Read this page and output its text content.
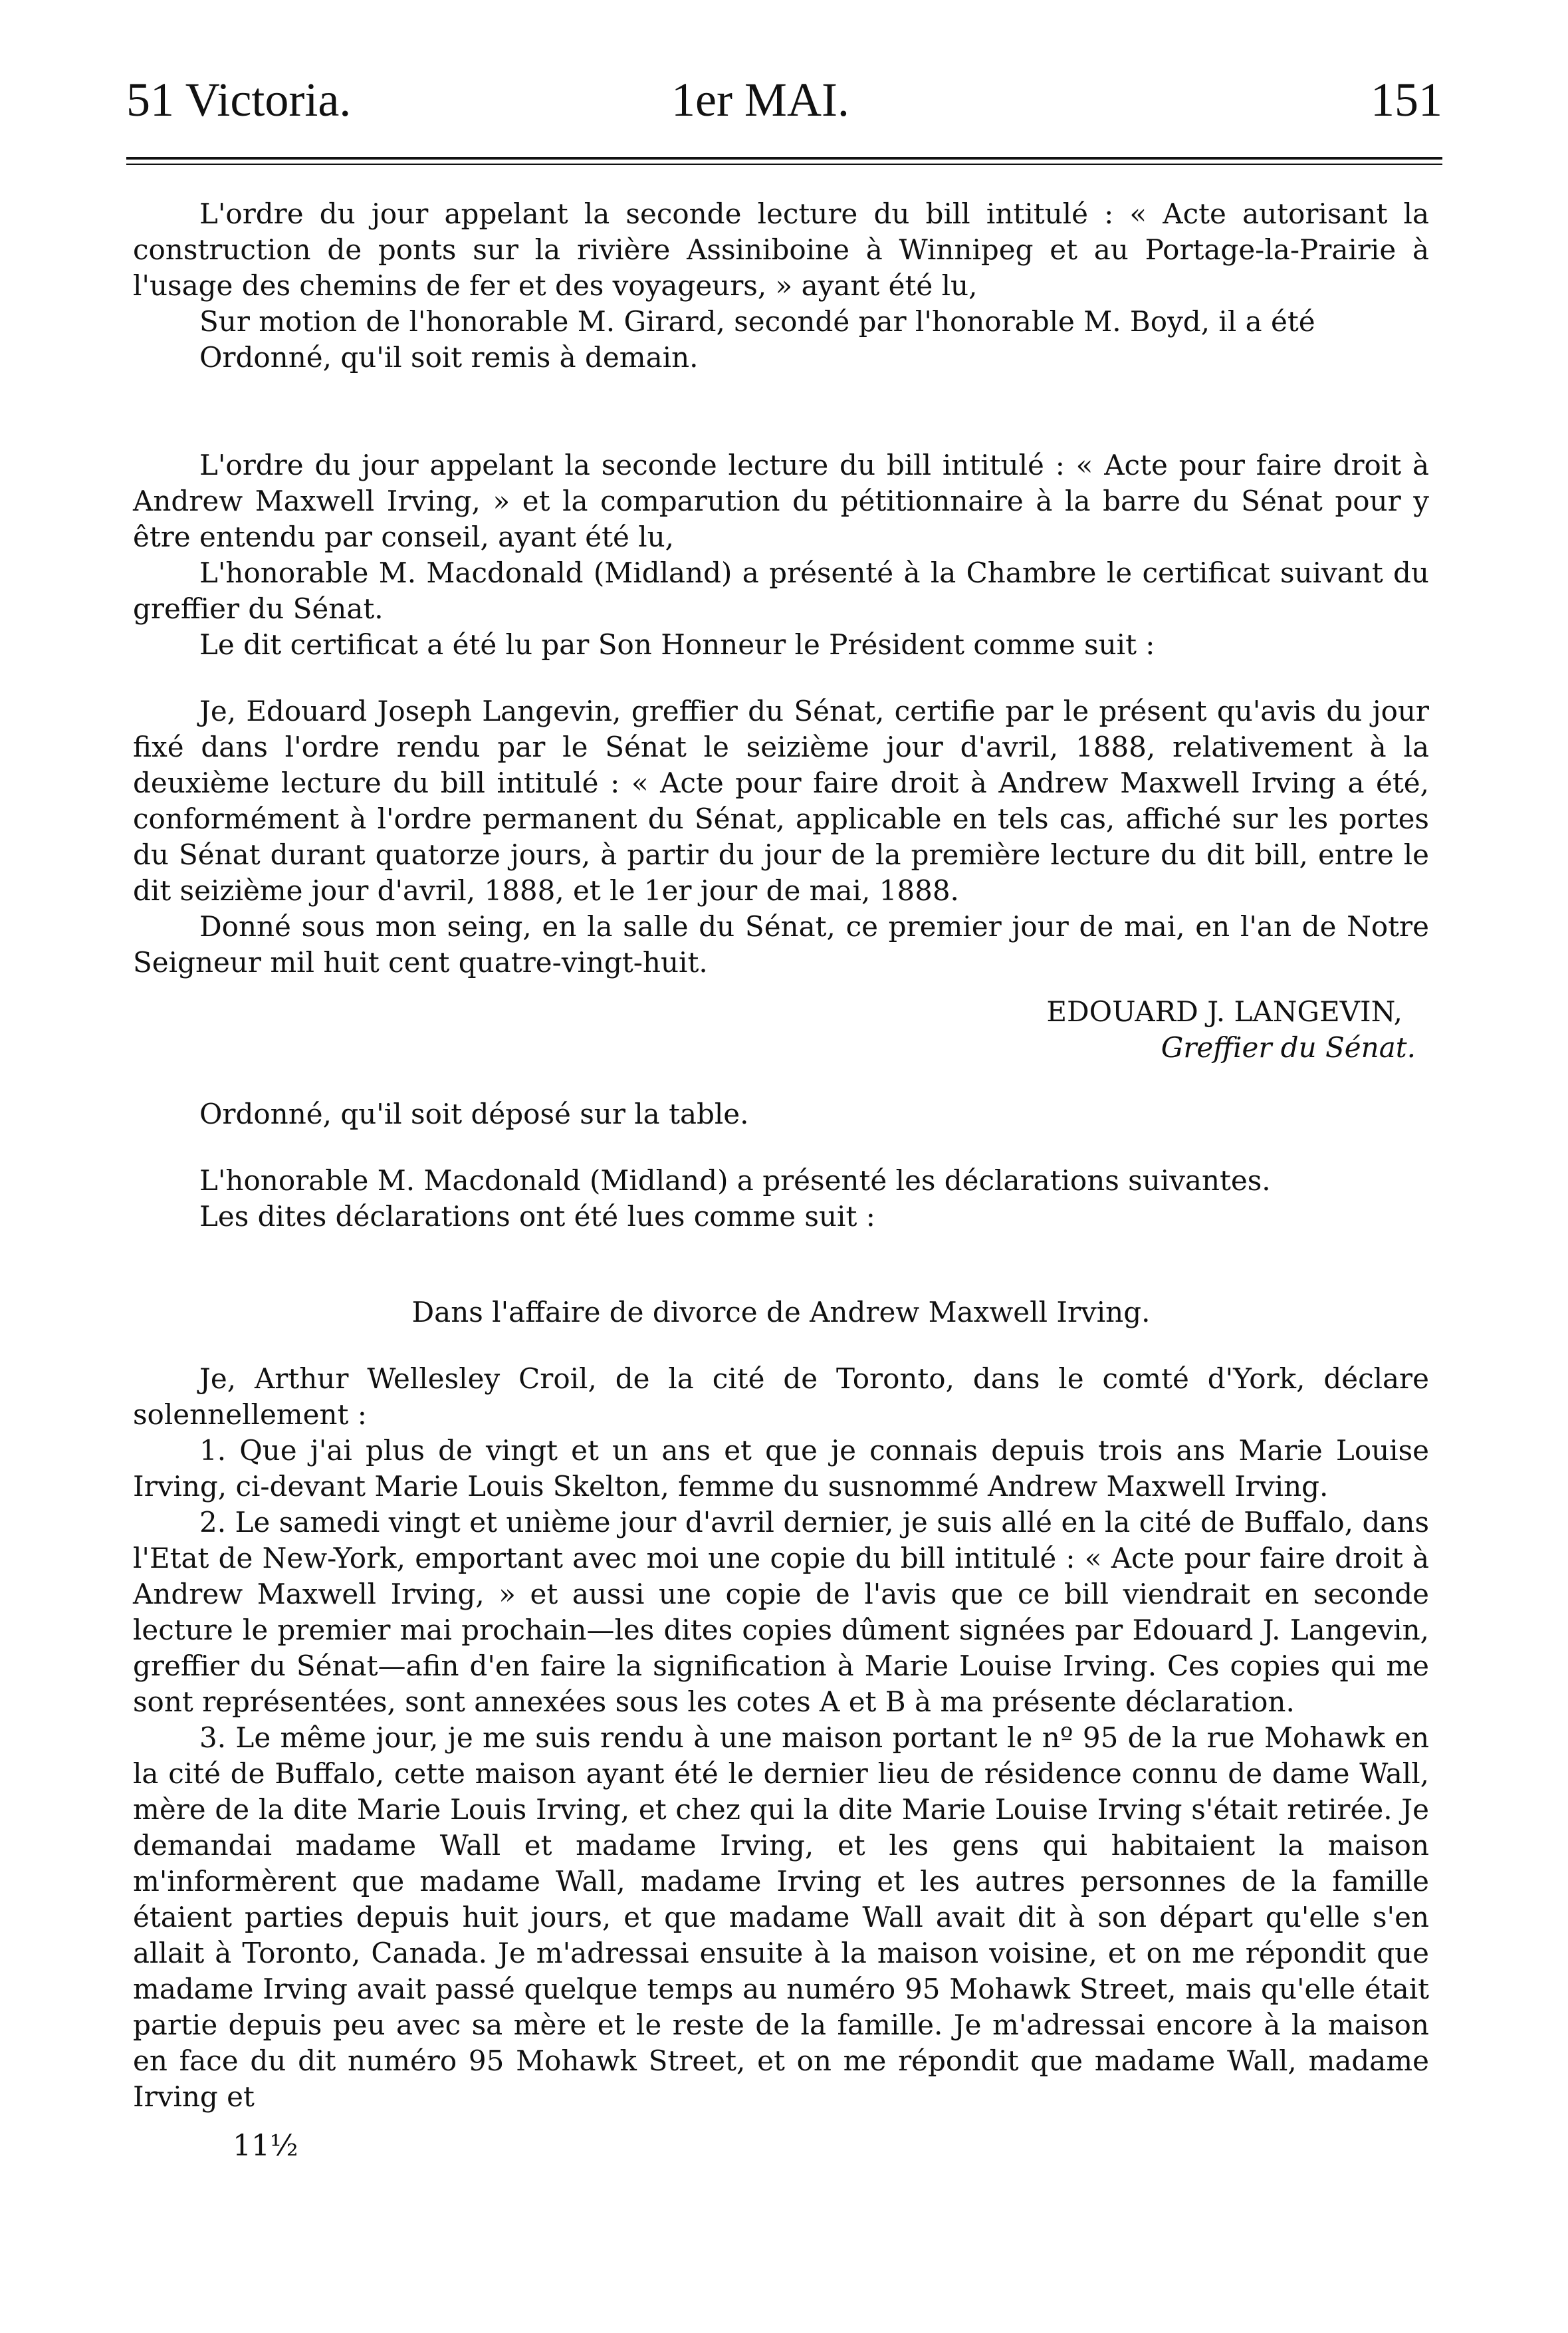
51 Victoria.	1er MAI.	151

L'ordre du jour appelant la seconde lecture du bill intitulé : « Acte autorisant la construction de ponts sur la rivière Assiniboine à Winnipeg et au Portage-la-Prairie à l'usage des chemins de fer et des voyageurs, » ayant été lu,

Sur motion de l'honorable M. Girard, secondé par l'honorable M. Boyd, il a été

Ordonné, qu'il soit remis à demain.

L'ordre du jour appelant la seconde lecture du bill intitulé : « Acte pour faire droit à Andrew Maxwell Irving, » et la comparution du pétitionnaire à la barre du Sénat pour y être entendu par conseil, ayant été lu,

L'honorable M. Macdonald (Midland) a présenté à la Chambre le certificat suivant du greffier du Sénat.

Le dit certificat a été lu par Son Honneur le Président comme suit :

Je, Edouard Joseph Langevin, greffier du Sénat, certifie par le présent qu'avis du jour fixé dans l'ordre rendu par le Sénat le seizième jour d'avril, 1888, relativement à la deuxième lecture du bill intitulé : « Acte pour faire droit à Andrew Maxwell Irving a été, conformément à l'ordre permanent du Sénat, applicable en tels cas, affiché sur les portes du Sénat durant quatorze jours, à partir du jour de la première lecture du dit bill, entre le dit seizième jour d'avril, 1888, et le 1er jour de mai, 1888.

Donné sous mon seing, en la salle du Sénat, ce premier jour de mai, en l'an de Notre Seigneur mil huit cent quatre-vingt-huit.

EDOUARD J. LANGEVIN,

Greffier du Sénat.

Ordonné, qu'il soit déposé sur la table.

L'honorable M. Macdonald (Midland) a présenté les déclarations suivantes.

Les dites déclarations ont été lues comme suit :

Dans l'affaire de divorce de Andrew Maxwell Irving.

Je, Arthur Wellesley Croil, de la cité de Toronto, dans le comté d'York, déclare solennellement :

1. Que j'ai plus de vingt et un ans et que je connais depuis trois ans Marie Louise Irving, ci-devant Marie Louis Skelton, femme du susnommé Andrew Maxwell Irving.

2. Le samedi vingt et unième jour d'avril dernier, je suis allé en la cité de Buffalo, dans l'Etat de New-York, emportant avec moi une copie du bill intitulé : « Acte pour faire droit à Andrew Maxwell Irving, » et aussi une copie de l'avis que ce bill viendrait en seconde lecture le premier mai prochain—les dites copies dûment signées par Edouard J. Langevin, greffier du Sénat—afin d'en faire la signification à Marie Louise Irving. Ces copies qui me sont représentées, sont annexées sous les cotes A et B à ma présente déclaration.

3. Le même jour, je me suis rendu à une maison portant le nº 95 de la rue Mohawk en la cité de Buffalo, cette maison ayant été le dernier lieu de résidence connu de dame Wall, mère de la dite Marie Louis Irving, et chez qui la dite Marie Louise Irving s'était retirée. Je demandai madame Wall et madame Irving, et les gens qui habitaient la maison m'informèrent que madame Wall, madame Irving et les autres personnes de la famille étaient parties depuis huit jours, et que madame Wall avait dit à son départ qu'elle s'en allait à Toronto, Canada. Je m'adressai ensuite à la maison voisine, et on me répondit que madame Irving avait passé quelque temps au numéro 95 Mohawk Street, mais qu'elle était partie depuis peu avec sa mère et le reste de la famille. Je m'adressai encore à la maison en face du dit numéro 95 Mohawk Street, et on me répondit que madame Wall, madame Irving et

11½
